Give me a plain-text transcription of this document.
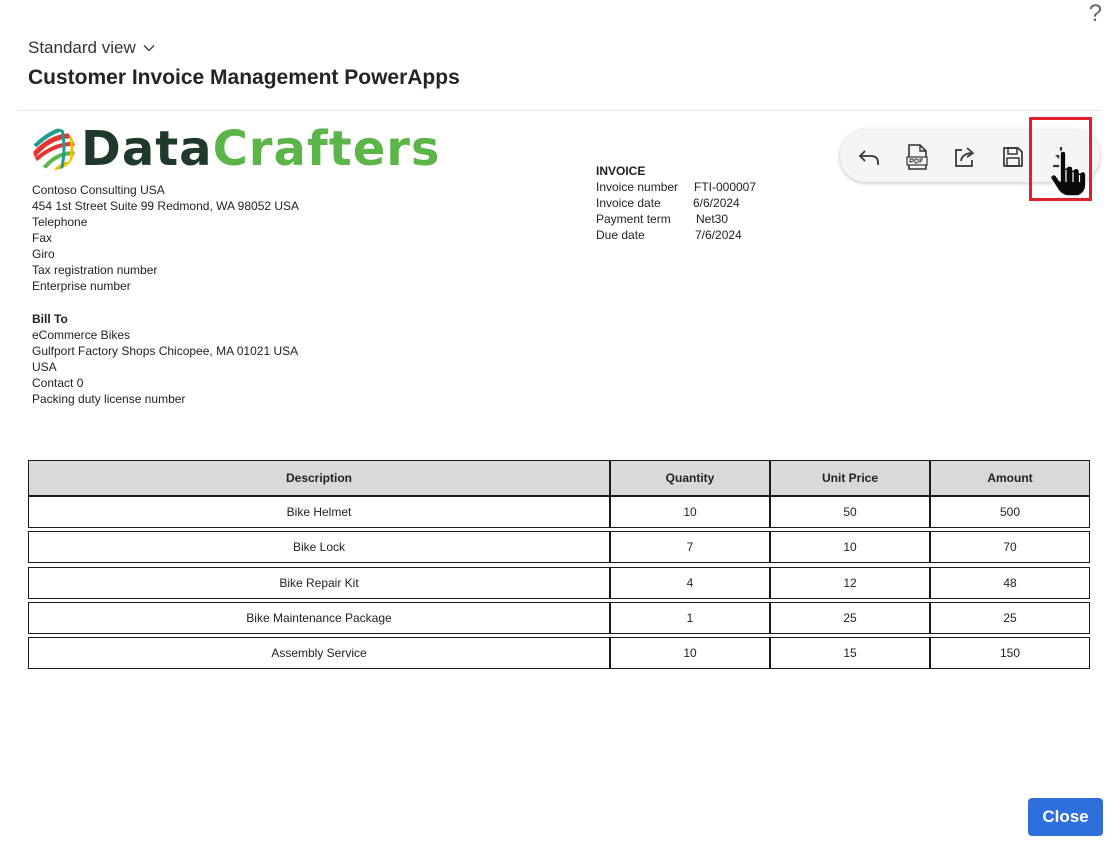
?
Standard view
Customer Invoice Management PowerApps
DataCrafters
Contoso Consulting USA
454 1st Street Suite 99 Redmond, WA 98052 USA
Telephone
Fax
Giro
Tax registration number
Enterprise number
Bill To
eCommerce Bikes
Gulfport Factory Shops Chicopee, MA 01021 USA
USA
Contact 0
Packing duty license number
INVOICE
Invoice number	FTI-000007
Invoice date	6/6/2024
Payment term	Net30
Due date	7/6/2024
Description	Quantity	Unit Price	Amount
Bike Helmet	10	50	500
Bike Lock	7	10	70
Bike Repair Kit	4	12	48
Bike Maintenance Package	1	25	25
Assembly Service	10	15	150
Close
